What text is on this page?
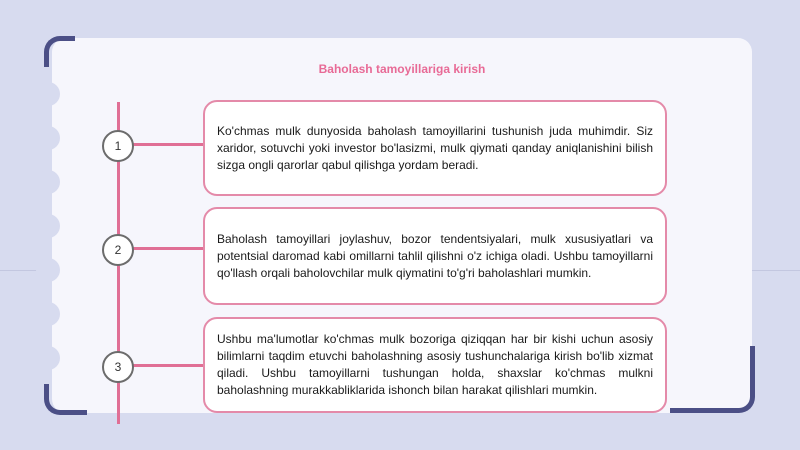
Baholash tamoyillariga kirish
1

Ko'chmas mulk dunyosida baholash tamoyillarini tushunish juda muhimdir. Siz xaridor, sotuvchi yoki investor bo'lasizmi, mulk qiymati qanday aniqlanishini bilish sizga ongli qarorlar qabul qilishga yordam beradi.

2

Baholash tamoyillari joylashuv, bozor tendentsiyalari, mulk xususiyatlari va potentsial daromad kabi omillarni tahlil qilishni o'z ichiga oladi. Ushbu tamoyillarni qo'llash orqali baholovchilar mulk qiymatini to'g'ri baholashlari mumkin.

3

Ushbu ma'lumotlar ko'chmas mulk bozoriga qiziqqan har bir kishi uchun asosiy bilimlarni taqdim etuvchi baholashning asosiy tushunchalariga kirish bo'lib xizmat qiladi. Ushbu tamoyillarni tushungan holda, shaxslar ko'chmas mulkni baholashning murakkabliklarida ishonch bilan harakat qilishlari mumkin.
